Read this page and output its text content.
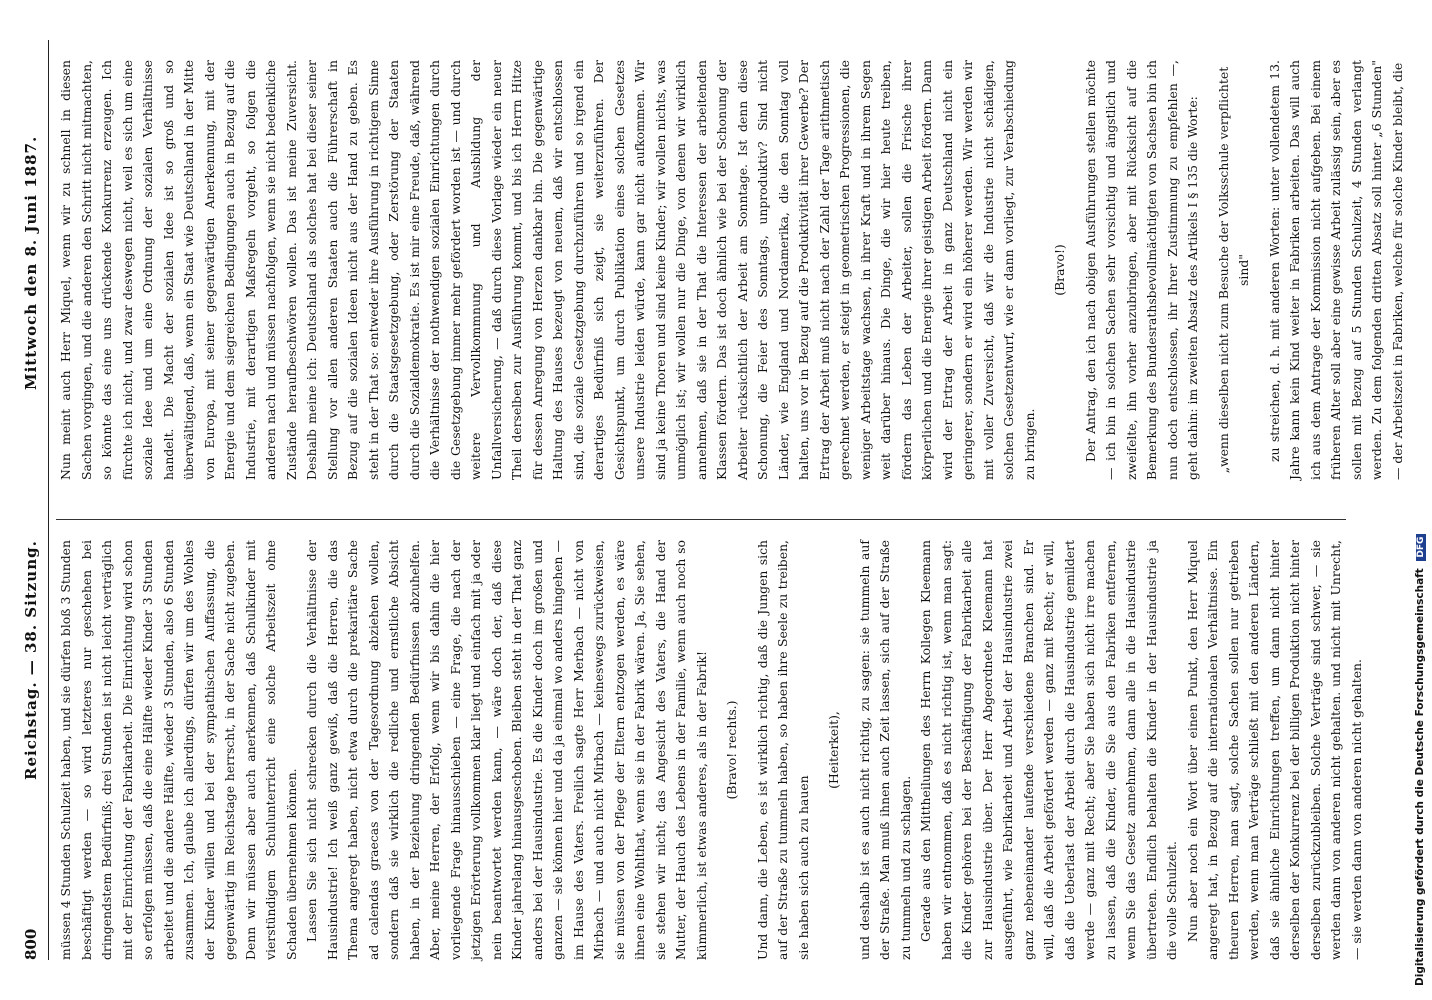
800
Reichstag. — 38. Sitzung.
Mittwoch den 8. Juni 1887.

müssen 4 Stunden Schulzeit haben, und sie dürfen bloß 3 Stunden beschäftigt werden — so wird letzteres nur geschehen bei dringendstem Bedürfniß; drei Stunden ist nicht leicht verträglich mit der Einrichtung der Fabrikarbeit. Die Einrichtung wird schon so erfolgen müssen, daß die eine Hälfte wieder Kinder 3 Stunden arbeitet und die andere Hälfte, wieder 3 Stunden, also 6 Stunden zusammen. Ich, glaube ich allerdings, dürfen wir um des Wohles der Kinder willen und bei der sympathischen Auffassung, die gegenwärtig im Reichstage herrscht, in der Sache nicht zugeben. Denn wir müssen aber auch anerkennen, daß Schulkinder mit vierstündigem Schulunterricht eine solche Arbeitszeit ohne Schaden übernehmen können. Lassen Sie sich nicht schrecken durch die Verhältnisse der Hausindustrie! Ich weiß ganz gewiß, daß die Herren, die das Thema angeregt haben, nicht etwa durch die prekaritäre Sache ad calendas graecas von der Tagesordnung abziehen wollen, sondern daß sie wirklich die redliche und ernstliche Absicht haben, in der Beziehung dringenden Bedürfnissen abzuhelfen. Aber, meine Herren, der Erfolg, wenn wir bis dahin die hier vorliegende Frage hinausschieben — eine Frage, die nach der jetzigen Erörterung vollkommen klar liegt und einfach mit ja oder nein beantwortet werden kann, — wäre doch der, daß diese Kinder jahrelang hinausgeschoben. Bleiben steht in der That ganz anders bei der Hausindustrie. Es die Kinder doch im großen und ganzen — sie können hier und da ja einmal wo anders hingehen — im Hause des Vaters. Freilich sagte Herr Merbach — nicht von Mirbach — und auch nicht Mirbach — keineswegs zurückweisen, sie müssen von der Pflege der Eltern entzogen werden, es wäre ihnen eine Wohlthat, wenn sie in der Fabrik wären. Ja, Sie sehen, sie stehen wir nicht; das Angesicht des Vaters, die Hand der Mutter, der Hauch des Lebens in der Familie, wenn auch noch so kümmerlich, ist etwas anderes, als in der Fabrik! (Bravo! rechts.) Und dann, die Leben, es ist wirklich richtig, daß die Jungen sich auf der Straße zu tummeln haben, so haben ihre Seele zu treiben, sie haben sich auch zu hauen

(Heiterkeit), und deshalb ist es auch nicht richtig, zu sagen: sie tummeln auf der Straße. Man muß ihnen auch Zeit lassen, sich auf der Straße zu tummeln und zu schlagen. Gerade aus den Mittheilungen des Herrn Kollegen Kleemann haben wir entnommen, daß es nicht richtig ist, wenn man sagt: die Kinder gehören bei der Beschäftigung der Fabrikarbeit alle zur Hausindustrie über. Der Herr Abgeordnete Kleemann hat ausgeführt, wie Fabrikarbeit und Arbeit der Hausindustrie zwei ganz nebeneinander laufende verschiedene Branchen sind. Er will, daß die Arbeit gefördert werden — ganz mit Recht; er will, daß die Ueberlast der Arbeit durch die Hausindustrie gemildert werde — ganz mit Recht; aber Sie haben sich nicht irre machen zu lassen, daß die Kinder, die Sie aus den Fabriken entfernen, wenn Sie das Gesetz annehmen, dann alle in die Hausindustrie übertreten. Endlich behalten die Kinder in der Hausindustrie ja die volle Schulzeit. Nun aber noch ein Wort über einen Punkt, den Herr Miquel angeregt hat, in Bezug auf die internationalen Verhältnisse. Ein theuren Herren, man sagt, solche Sachen sollen nur getrieben werden, wenn man Verträge schließt mit den anderen Ländern, daß sie ähnliche Einrichtungen treffen, um dann nicht hinter derselben der Konkurrenz bei der billigen Produktion nicht hinter derselben zurückzubleiben. Solche Verträge sind schwer, — sie werden dann von anderen nicht gehalten. und nicht mit Unrecht, — sie werden dann von anderen nicht gehalten.

Nun meint auch Herr Miquel, wenn wir zu schnell in diesen Sachen vorgingen, und die anderen den Schritt nicht mitmachten, so könnte das eine uns drückende Konkurrenz erzeugen. Ich fürchte ich nicht, und zwar deswegen nicht, weil es sich um eine soziale Idee und um eine Ordnung der sozialen Verhältnisse handelt. Die Macht der sozialen Idee ist so groß und so überwältigend, daß, wenn ein Staat wie Deutschland in der Mitte von Europa, mit seiner gegenwärtigen Anerkennung, mit der Energie und dem siegreichen Bedingungen auch in Bezug auf die Industrie, mit derartigen Maßregeln vorgeht, so folgen die anderen nach und müssen nachfolgen, wenn sie nicht bedenkliche Zustände heraufbeschwören wollen. Das ist meine Zuversicht. Deshalb meine ich: Deutschland als solches hat bei dieser seiner Stellung vor allen anderen Staaten auch die Führerschaft in Bezug auf die sozialen Ideen nicht aus der Hand zu geben. Es steht in der That so: entweder ihre Ausführung in richtigem Sinne durch die Staatsgesetzgebung, oder Zerstörung der Staaten durch die Sozialdemokratie. Es ist mir eine Freude, daß, während die Verhältnisse der nothwendigen sozialen Einrichtungen durch die Gesetzgebung immer mehr gefördert worden ist — und durch weitere Vervollkommnung und Ausbildung der Unfallversicherung, — daß durch diese Vorlage wieder ein neuer Theil derselben zur Ausführung kommt, und bis ich Herrn Hitze für dessen Anregung von Herzen dankbar bin. Die gegenwärtige Haltung des Hauses bezeugt von neuem, daß wir entschlossen sind, die soziale Gesetzgebung durchzuführen und so irgend ein derartiges Bedürfniß sich zeigt, sie weiterzuführen. Der Gesichtspunkt, um durch Publikation eines solchen Gesetzes unsere Industrie leiden würde, kann gar nicht aufkommen. Wir sind ja keine Thoren und sind keine Kinder; wir wollen nichts, was unmöglich ist; wir wollen nur die Dinge, von denen wir wirklich annehmen, daß sie in der That die Interessen der arbeitenden Klassen fördern. Das ist doch ähnlich wie bei der Schonung der Arbeiter rücksichtlich der Arbeit am Sonntage. Ist denn diese Schonung, die Feier des Sonntags, unproduktiv? Sind nicht Länder, wie England und Nordamerika, die den Sonntag voll halten, uns vor in Bezug auf die Produktivität ihrer Gewerbe? Der Ertrag der Arbeit muß nicht nach der Zahl der Tage arithmetisch gerechnet werden, er steigt in geometrischen Progressionen, die weniger Arbeitstage wachsen, in ihrer Kraft und in ihrem Segen weit darüber hinaus. Die Dinge, die wir hier heute treiben, fördern das Leben der Arbeiter, sollen die Frische ihrer körperlichen und die Energie ihrer geistigen Arbeit fördern. Dann wird der Ertrag der Arbeit in ganz Deutschland nicht ein geringerer, sondern er wird ein höherer werden. Wir werden wir mit voller Zuversicht, daß wir die Industrie nicht schädigen, solchen Gesetzentwurf, wie er dann vorliegt, zur Verabschiedung zu bringen.

(Bravo!) Der Antrag, den ich nach obigen Ausführungen stellen möchte — ich bin in solchen Sachen sehr vorsichtig und ängstlich und zweifelte, ihn vorher anzubringen, aber mit Rücksicht auf die Bemerkung des Bundesrathsbevollmächtigten von Sachsen bin ich nun doch entschlossen, ihr Ihrer Zustimmung zu empfehlen —, geht dahin: im zweiten Absatz des Artikels I § 135 die Worte: „wenn dieselben nicht zum Besuche der Volksschule verpflichtet sind" zu streichen, d. h. mit anderen Worten: unter vollendetem 13. Jahre kann kein Kind weiter in Fabriken arbeiten. Das will auch ich aus dem Antrage der Kommission nicht aufgeben. Bei einem früheren Alter soll aber eine gewisse Arbeit zulässig sein, aber es sollen mit Bezug auf 5 Stunden Schulzeit, 4 Stunden verlangt werden. Zu dem folgenden dritten Absatz soll hinter „6 Stunden" — der Arbeitszeit in Fabriken, welche für solche Kinder bleibt, die

Digitalisierung gefördert durch die Deutsche Forschungsgemeinschaft DFG
